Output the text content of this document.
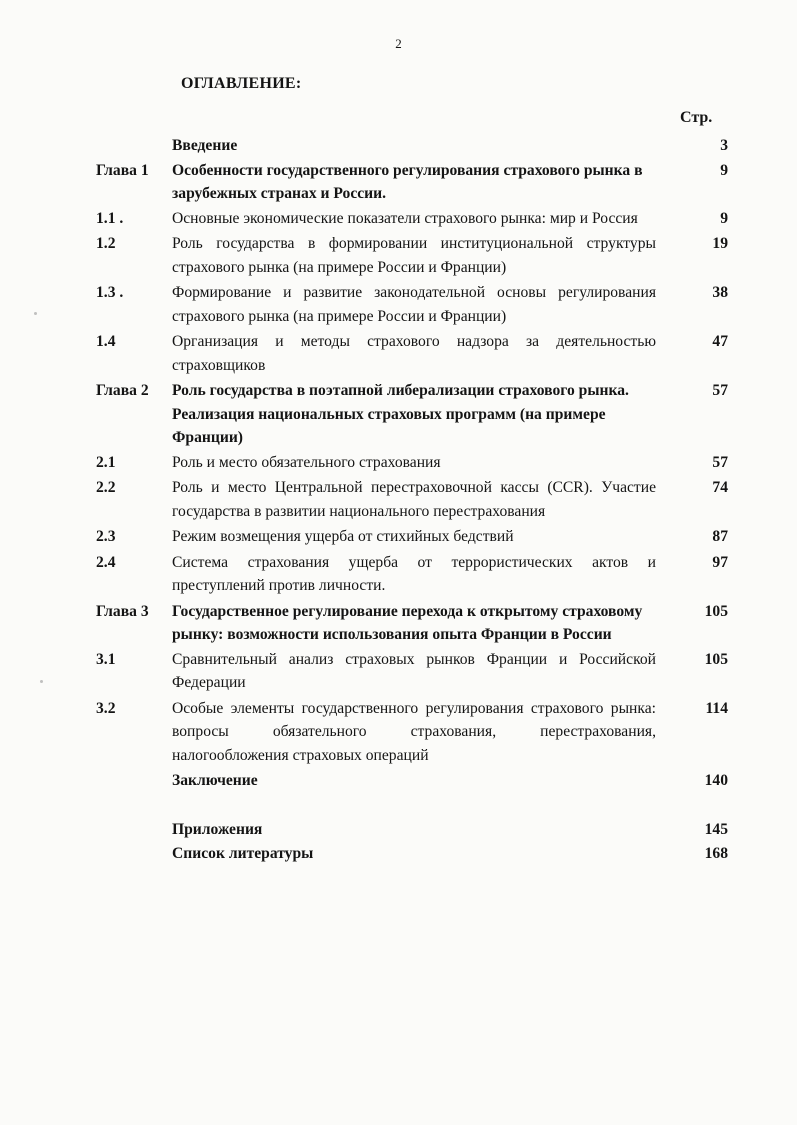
2
ОГЛАВЛЕНИЕ:
Стр.
	Введение	3
Глава 1	Особенности государственного регулирования страхового рынка в зарубежных странах и России.	9
1.1 .	Основные экономические показатели страхового рынка: мир и Россия	9
1.2	Роль государства в формировании институциональной структуры страхового рынка (на примере России и Франции)	19
1.3 .	Формирование и развитие законодательной основы регулирования страхового рынка (на примере России и Франции)	38
1.4	Организация и методы страхового надзора за деятельностью страховщиков	47
Глава 2	Роль государства в поэтапной либерализации страхового рынка. Реализация национальных страховых программ (на примере Франции)	57
2.1	Роль и место обязательного страхования	57
2.2	Роль и место Центральной перестраховочной кассы (CCR). Участие государства в развитии национального перестрахования	74
2.3	Режим возмещения ущерба от стихийных бедствий	87
2.4	Система страхования ущерба от террористических актов и преступлений против личности.	97
Глава 3	Государственное регулирование перехода к открытому страховому рынку: возможности использования опыта Франции в России	105
3.1	Сравнительный анализ страховых рынков Франции и Российской Федерации	105
3.2	Особые элементы государственного регулирования страхового рынка: вопросы обязательного страхования, перестрахования, налогообложения страховых операций	114
	Заключение	140

	Приложения	145
	Список литературы	168
